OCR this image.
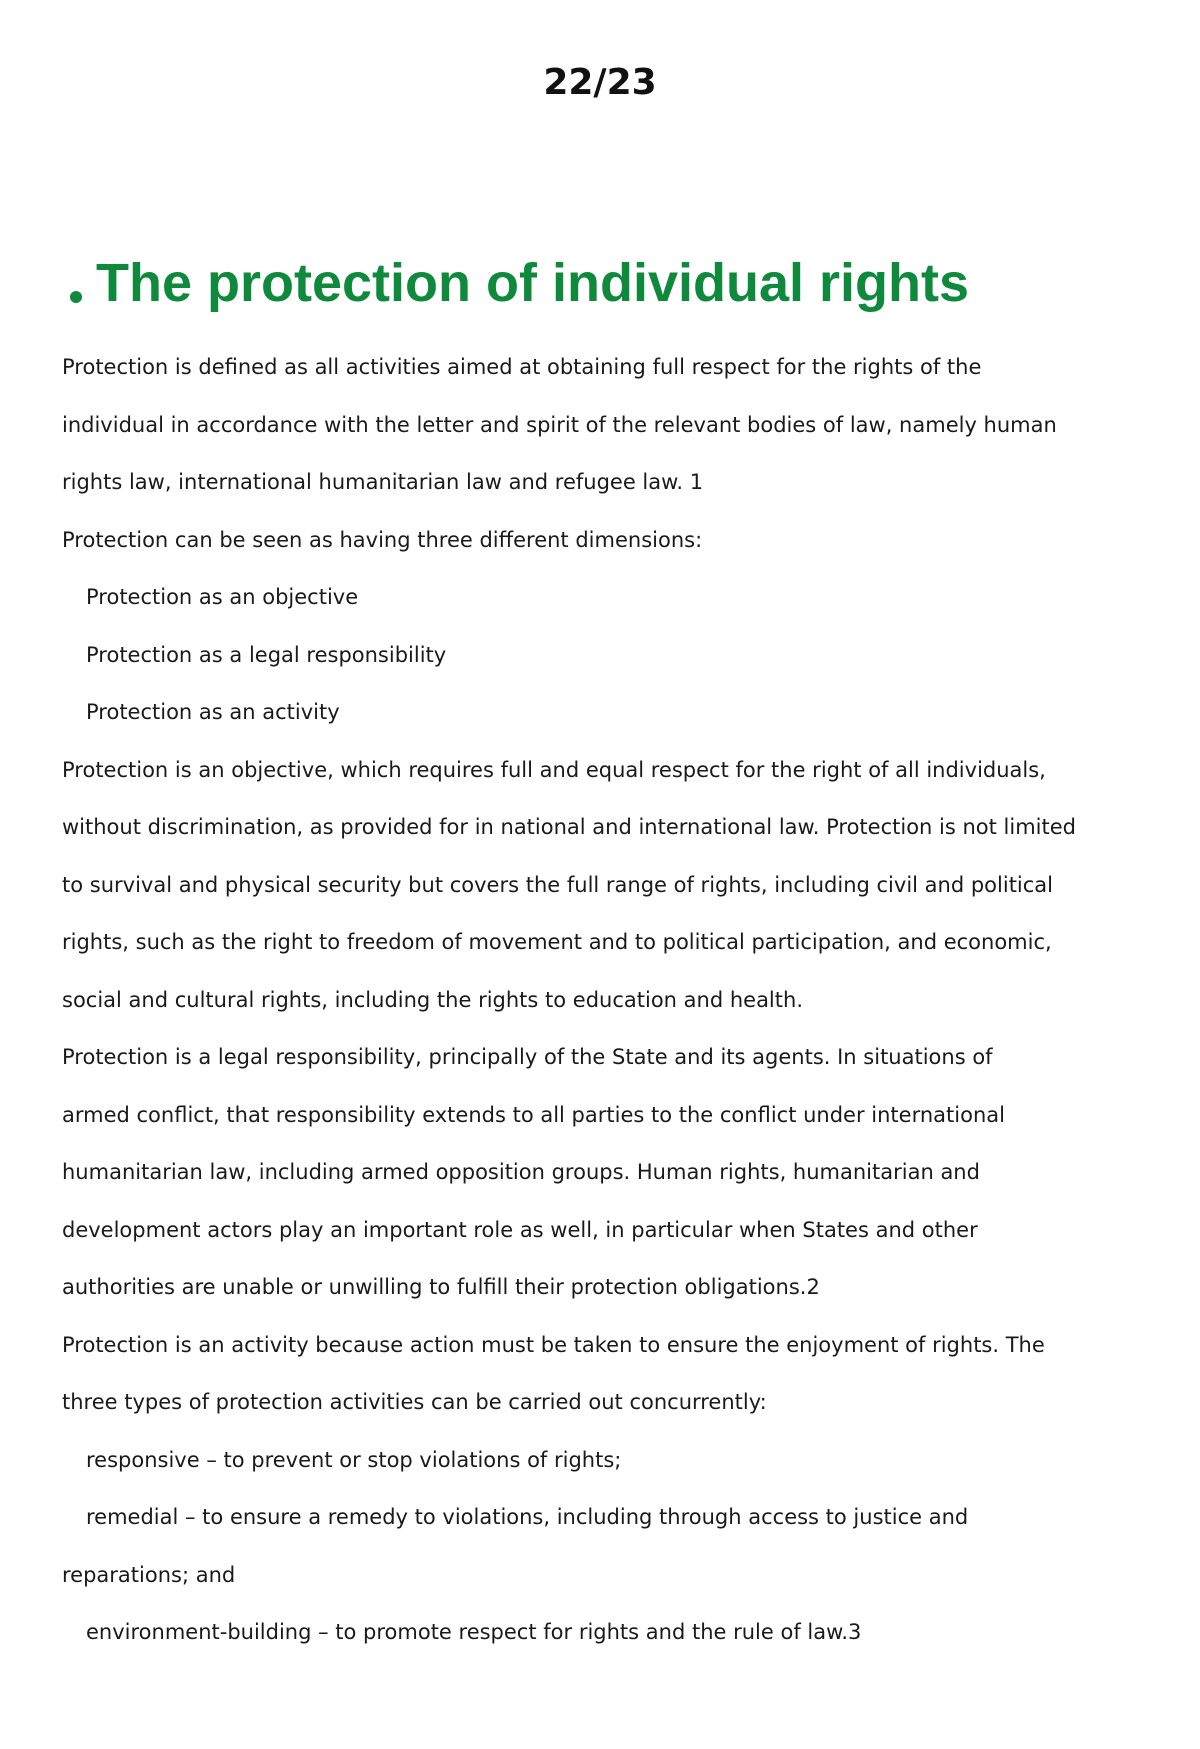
22/23
The protection of individual rights
Protection is defined as all activities aimed at obtaining full respect for the rights of the
individual in accordance with the letter and spirit of the relevant bodies of law, namely human
rights law, international humanitarian law and refugee law. 1
Protection can be seen as having three different dimensions:
Protection as an objective
Protection as a legal responsibility
Protection as an activity
Protection is an objective, which requires full and equal respect for the right of all individuals,
without discrimination, as provided for in national and international law. Protection is not limited
to survival and physical security but covers the full range of rights, including civil and political
rights, such as the right to freedom of movement and to political participation, and economic,
social and cultural rights, including the rights to education and health.
Protection is a legal responsibility, principally of the State and its agents. In situations of
armed conflict, that responsibility extends to all parties to the conflict under international
humanitarian law, including armed opposition groups. Human rights, humanitarian and
development actors play an important role as well, in particular when States and other
authorities are unable or unwilling to fulfill their protection obligations.2
Protection is an activity because action must be taken to ensure the enjoyment of rights. The
three types of protection activities can be carried out concurrently:
responsive – to prevent or stop violations of rights;
remedial – to ensure a remedy to violations, including through access to justice and
reparations; and
environment-building – to promote respect for rights and the rule of law.3
